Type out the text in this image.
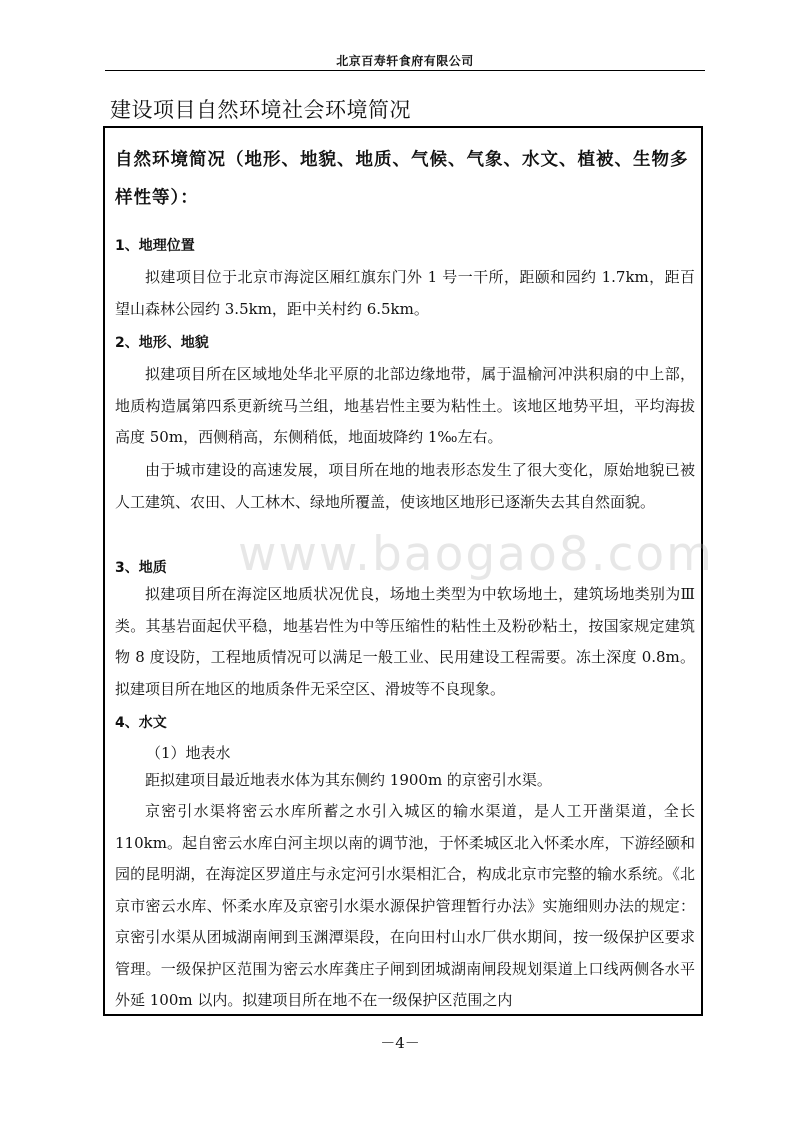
北京百寿轩食府有限公司
建设项目自然环境社会环境简况
www.baogao8.com
自然环境简况（地形、地貌、地质、气候、气象、水文、植被、生物多样性等）：
1、地理位置
拟建项目位于北京市海淀区厢红旗东门外 1 号一干所，距颐和园约 1.7km，距百望山森林公园约 3.5km，距中关村约 6.5km。
2、地形、地貌
拟建项目所在区域地处华北平原的北部边缘地带，属于温榆河冲洪积扇的中上部，地质构造属第四系更新统马兰组，地基岩性主要为粘性土。该地区地势平坦，平均海拔高度 50m，西侧稍高，东侧稍低，地面坡降约 1‰左右。
由于城市建设的高速发展，项目所在地的地表形态发生了很大变化，原始地貌已被人工建筑、农田、人工林木、绿地所覆盖，使该地区地形已逐渐失去其自然面貌。
3、地质
拟建项目所在海淀区地质状况优良，场地土类型为中软场地土，建筑场地类别为Ⅲ类。其基岩面起伏平稳，地基岩性为中等压缩性的粘性土及粉砂粘土，按国家规定建筑物 8 度设防，工程地质情况可以满足一般工业、民用建设工程需要。冻土深度 0.8m。拟建项目所在地区的地质条件无采空区、滑坡等不良现象。
4、水文
（1）地表水
距拟建项目最近地表水体为其东侧约 1900m 的京密引水渠。
京密引水渠将密云水库所蓄之水引入城区的输水渠道，是人工开凿渠道，全长110km。起自密云水库白河主坝以南的调节池，于怀柔城区北入怀柔水库，下游经颐和园的昆明湖，在海淀区罗道庄与永定河引水渠相汇合，构成北京市完整的输水系统。《北京市密云水库、怀柔水库及京密引水渠水源保护管理暂行办法》实施细则办法的规定：京密引水渠从团城湖南闸到玉渊潭渠段，在向田村山水厂供水期间，按一级保护区要求管理。一级保护区范围为密云水库龚庄子闸到团城湖南闸段规划渠道上口线两侧各水平外延 100m 以内。拟建项目所在地不在一级保护区范围之内
－4－
